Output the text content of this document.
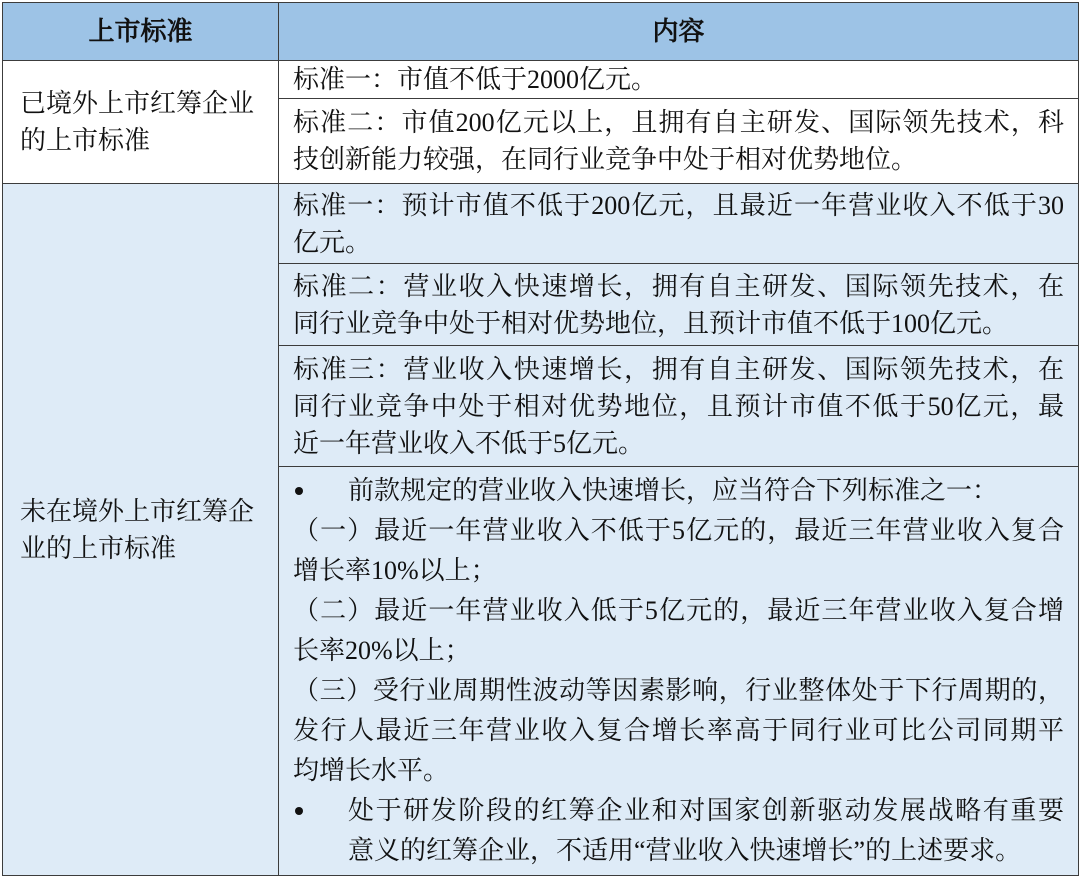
上市标准	内容
已境外上市红筹企业的上市标准
标准一：市值不低于2000亿元。
标准二：市值200亿元以上，且拥有自主研发、国际领先技术，科
技创新能力较强，在同行业竞争中处于相对优势地位。
未在境外上市红筹企业的上市标准
标准一：预计市值不低于200亿元，且最近一年营业收入不低于30
亿元。
标准二：营业收入快速增长，拥有自主研发、国际领先技术，在
同行业竞争中处于相对优势地位，且预计市值不低于100亿元。
标准三：营业收入快速增长，拥有自主研发、国际领先技术，在
同行业竞争中处于相对优势地位，且预计市值不低于50亿元，最
近一年营业收入不低于5亿元。
前款规定的营业收入快速增长，应当符合下列标准之一：
（一）最近一年营业收入不低于5亿元的，最近三年营业收入复合
增长率10%以上；
（二）最近一年营业收入低于5亿元的，最近三年营业收入复合增
长率20%以上；
（三）受行业周期性波动等因素影响，行业整体处于下行周期的，
发行人最近三年营业收入复合增长率高于同行业可比公司同期平
均增长水平。
处于研发阶段的红筹企业和对国家创新驱动发展战略有重要
意义的红筹企业，不适用“营业收入快速增长”的上述要求。
